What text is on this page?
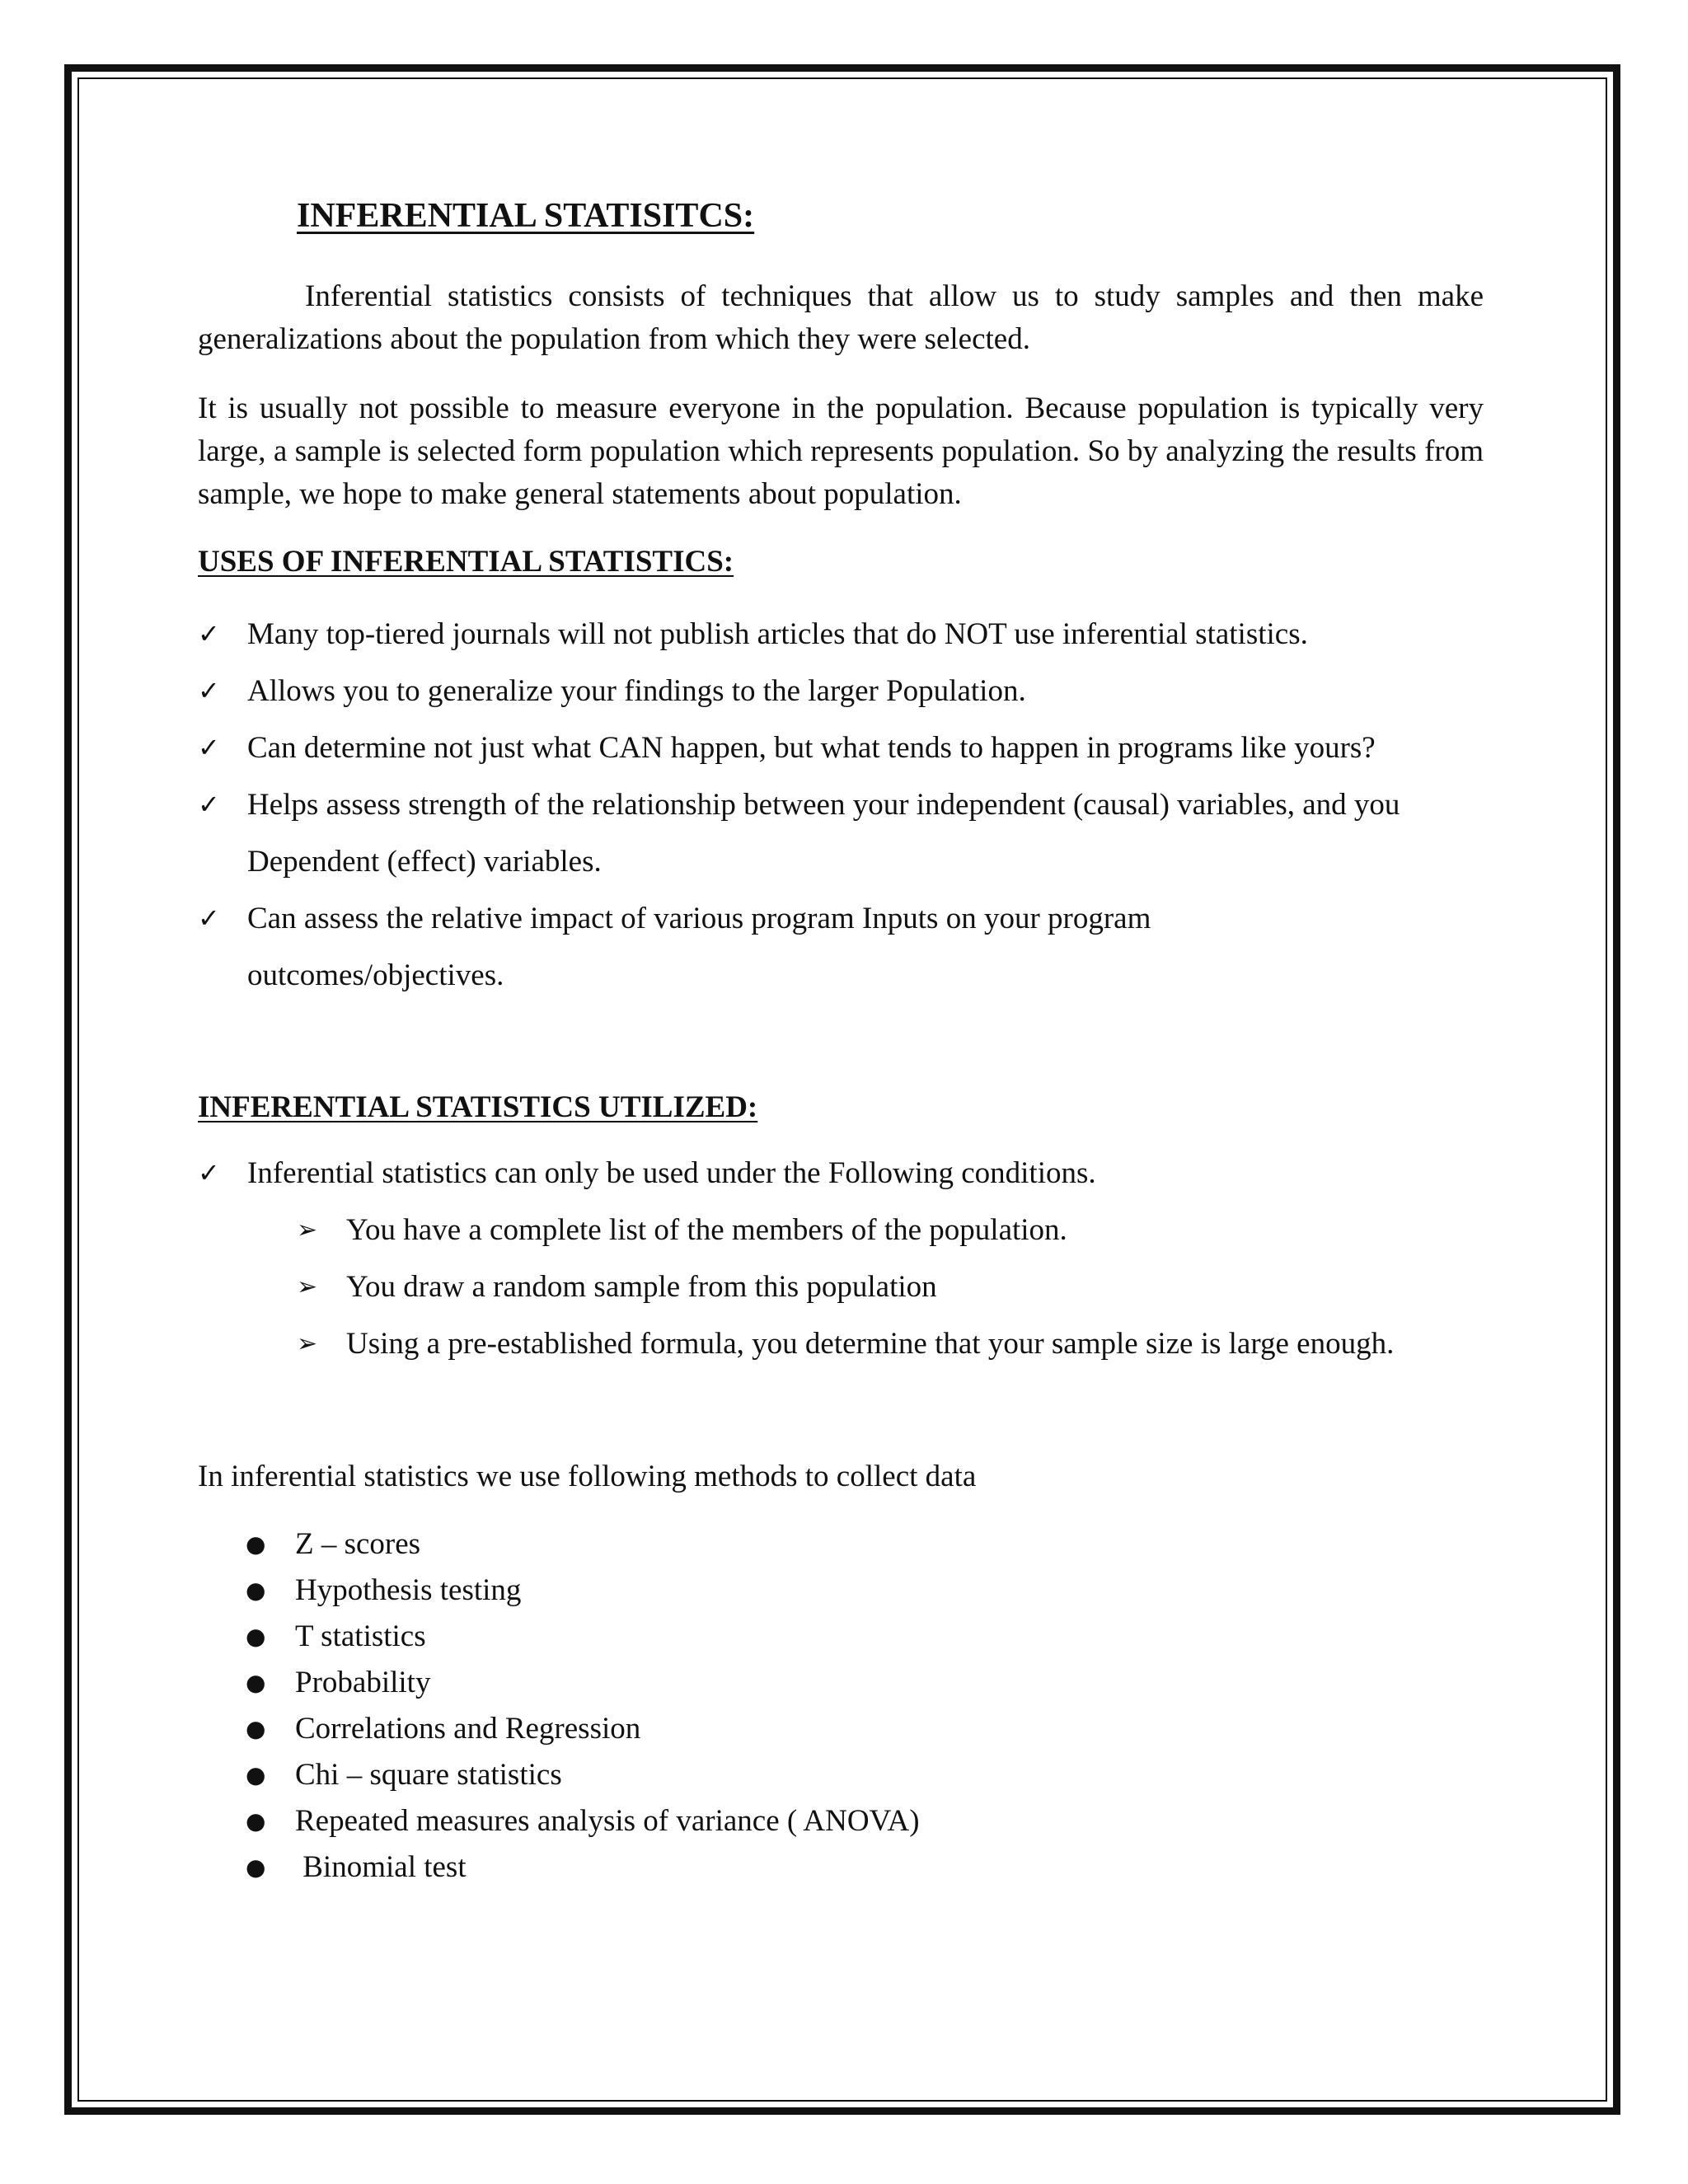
INFERENTIAL STATISITCS:
Inferential statistics consists of techniques that allow us to study samples and then make generalizations about the population from which they were selected.
It is usually not possible to measure everyone in the population. Because population is typically very large, a sample is selected form population which represents population. So by analyzing the results from sample, we hope to make general statements about population.
USES OF INFERENTIAL STATISTICS:
✓ Many top-tiered journals will not publish articles that do NOT use inferential statistics.
✓ Allows you to generalize your findings to the larger Population.
✓ Can determine not just what CAN happen, but what tends to happen in programs like yours?
✓ Helps assess strength of the relationship between your independent (causal) variables, and you Dependent (effect) variables.
✓ Can assess the relative impact of various program Inputs on your program outcomes/objectives.
INFERENTIAL STATISTICS UTILIZED:
✓ Inferential statistics can only be used under the Following conditions.
➢ You have a complete list of the members of the population.
➢ You draw a random sample from this population
➢ Using a pre-established formula, you determine that your sample size is large enough.
In inferential statistics we use following methods to collect data
● Z – scores
● Hypothesis testing
● T statistics
● Probability
● Correlations and Regression
● Chi – square statistics
● Repeated measures analysis of variance ( ANOVA)
● Binomial test
